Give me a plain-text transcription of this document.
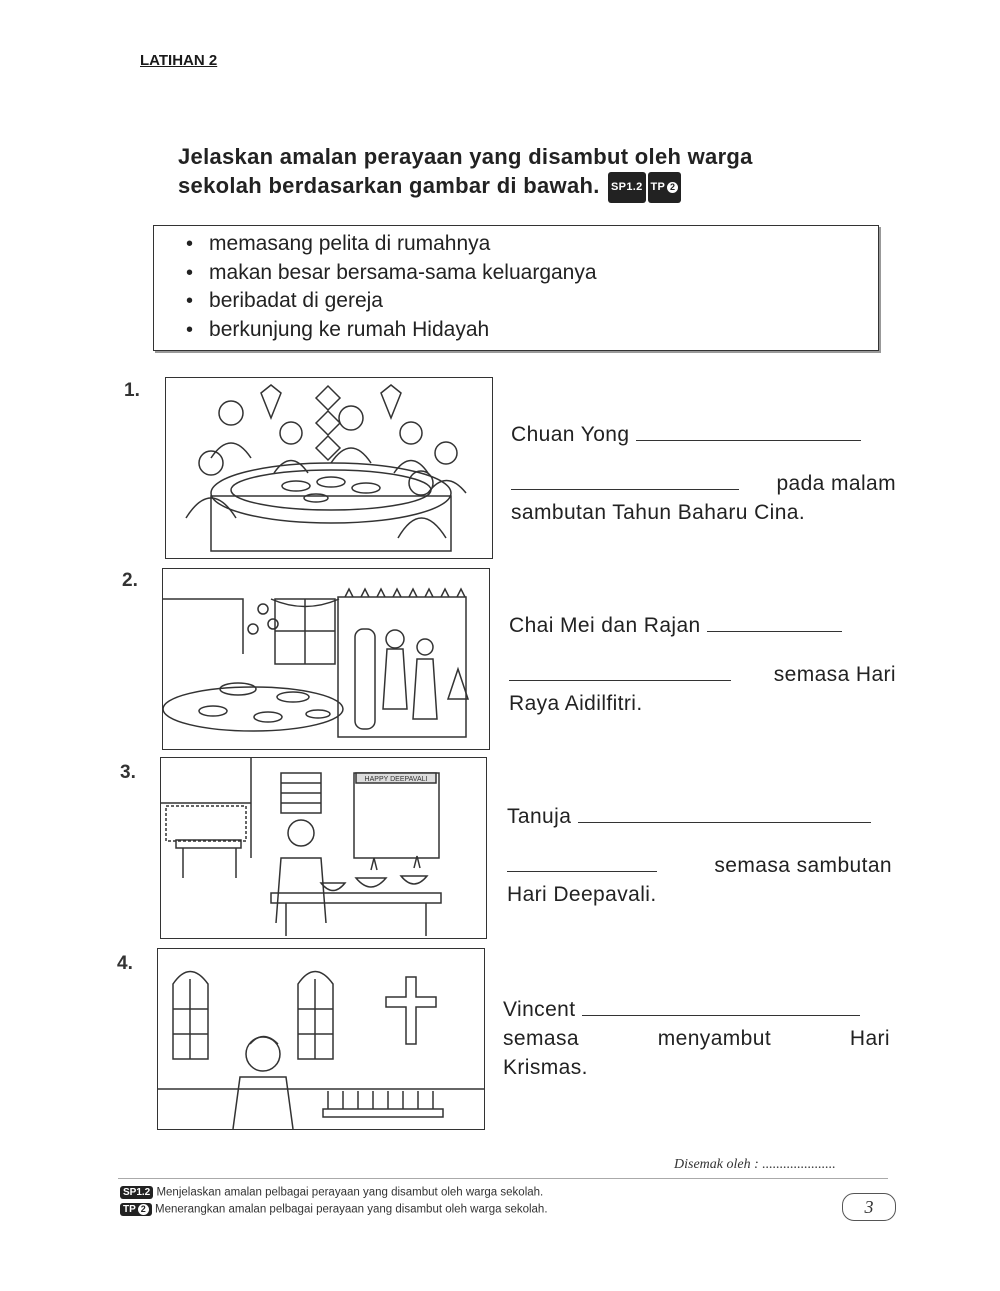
LATIHAN 2
Jelaskan amalan perayaan yang disambut oleh warga
sekolah berdasarkan gambar di bawah. SP1.2 TP 2
• memasang pelita di rumahnya
• makan besar bersama-sama keluarganya
• beribadat di gereja
• berkunjung ke rumah Hidayah
1.
Chuan Yong
pada malam
sambutan Tahun Baharu Cina.
2.
Chai Mei dan Rajan
semasa Hari
Raya Aidilfitri.
3.	HAPPY DEEPAVALI
Tanuja
semasa sambutan
Hari Deepavali.
4.
Vincent
semasa	menyambut	Hari
Krismas.
Disemak oleh : .....................
SP1.2 Menjelaskan amalan pelbagai perayaan yang disambut oleh warga sekolah.
TP 2 Menerangkan amalan pelbagai perayaan yang disambut oleh warga sekolah.	3
